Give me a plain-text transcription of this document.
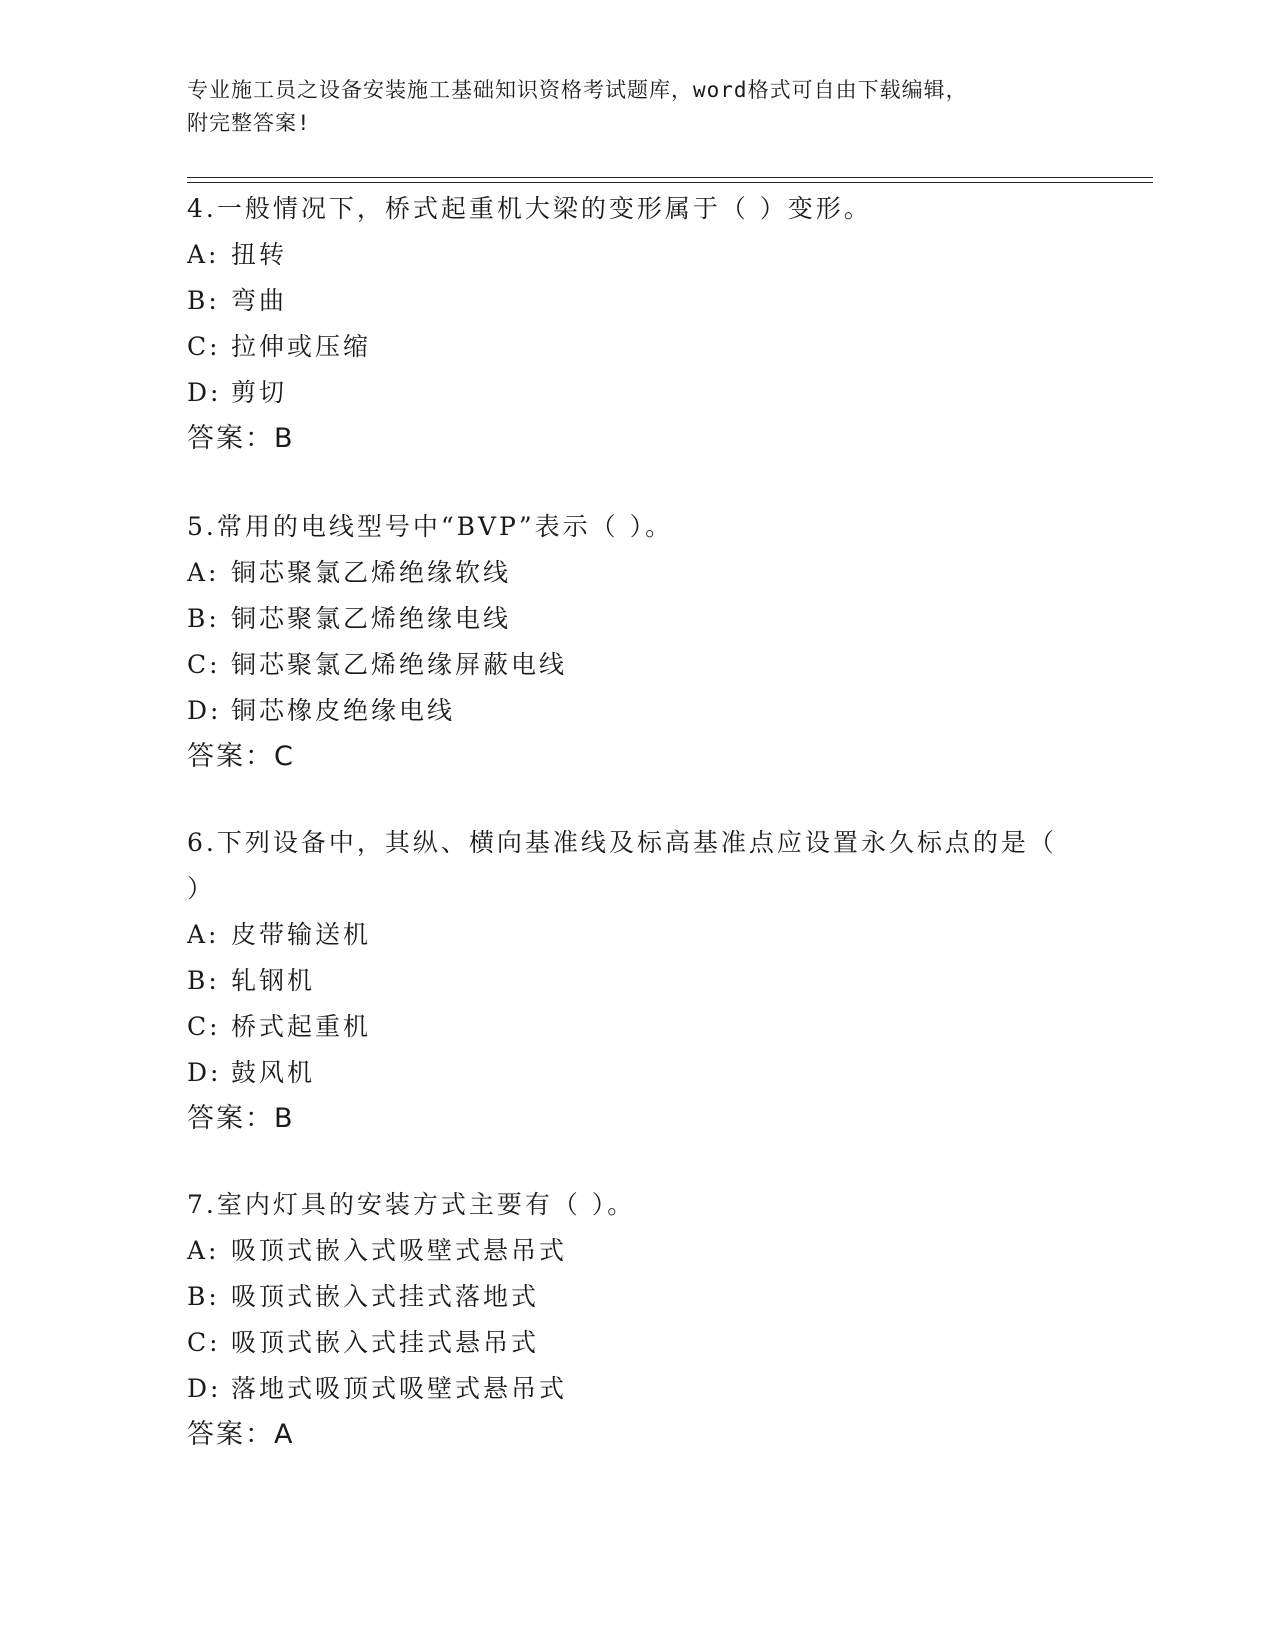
专业施工员之设备安装施工基础知识资格考试题库，word格式可自由下载编辑，
附完整答案!
4.一般情况下，桥式起重机大梁的变形属于（ ）变形。
A: 扭转
B: 弯曲
C: 拉伸或压缩
D: 剪切
答案：B
5.常用的电线型号中“BVP”表示（ ）。
A: 铜芯聚氯乙烯绝缘软线
B: 铜芯聚氯乙烯绝缘电线
C: 铜芯聚氯乙烯绝缘屏蔽电线
D: 铜芯橡皮绝缘电线
答案：C
6.下列设备中，其纵、横向基准线及标高基准点应设置永久标点的是（ ）
A: 皮带输送机
B: 轧钢机
C: 桥式起重机
D: 鼓风机
答案：B
7.室内灯具的安装方式主要有（ ）。
A: 吸顶式嵌入式吸壁式悬吊式
B: 吸顶式嵌入式挂式落地式
C: 吸顶式嵌入式挂式悬吊式
D: 落地式吸顶式吸壁式悬吊式
答案：A
